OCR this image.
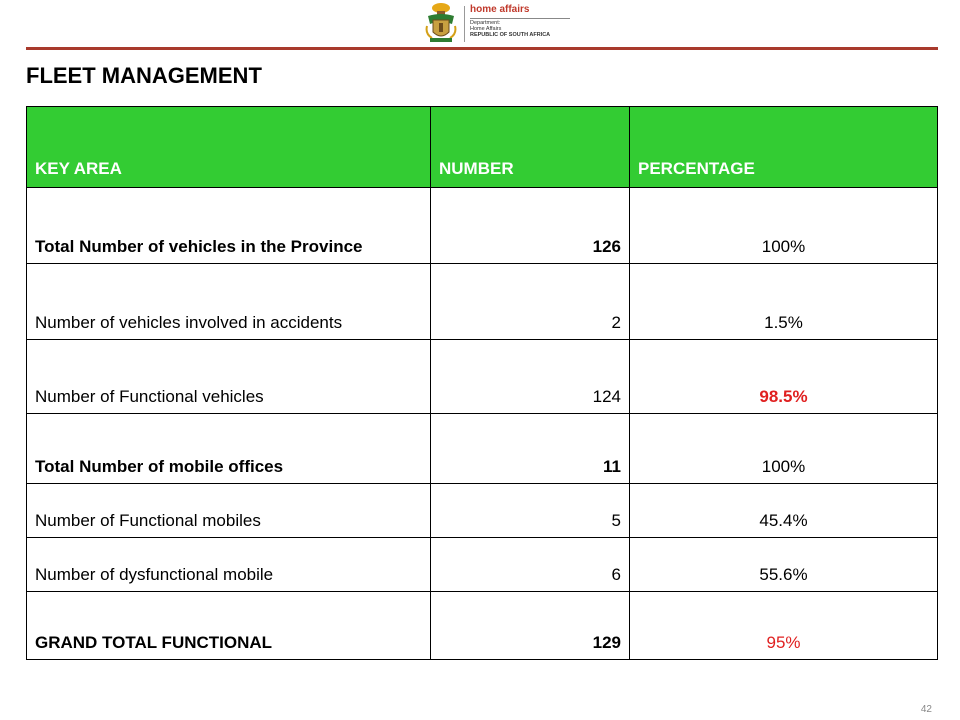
home affairs
Department:
Home Affairs
REPUBLIC OF SOUTH AFRICA
FLEET MANAGEMENT
KEY AREA	NUMBER	PERCENTAGE
Total Number of vehicles in the Province	126	100%
Number of vehicles involved in accidents	2	1.5%
Number of Functional vehicles	124	98.5%
Total Number of mobile offices	11	100%
Number of Functional mobiles	5	45.4%
Number of dysfunctional mobile	6	55.6%
GRAND TOTAL FUNCTIONAL	129	95%
42
